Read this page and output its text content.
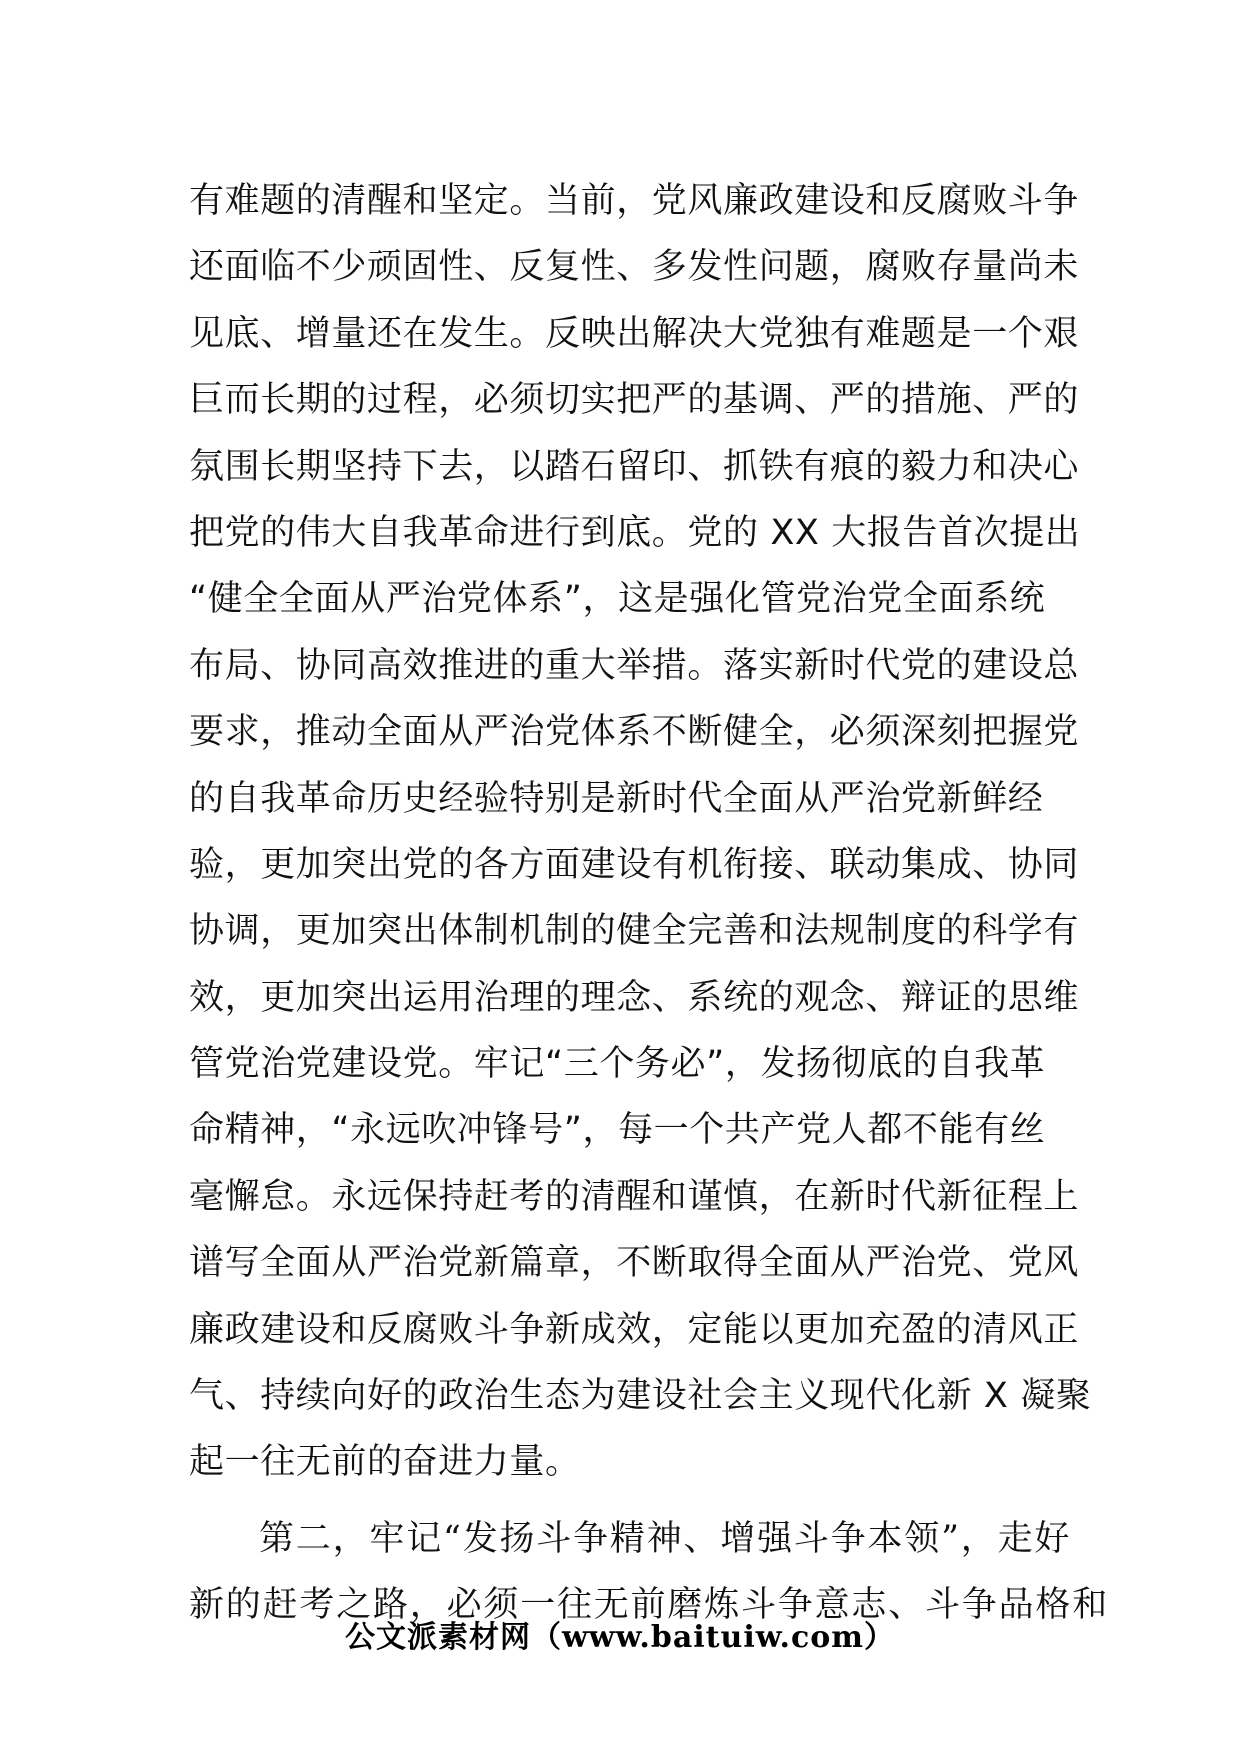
有难题的清醒和坚定。当前，党风廉政建设和反腐败斗争
还面临不少顽固性、反复性、多发性问题，腐败存量尚未
见底、增量还在发生。反映出解决大党独有难题是一个艰
巨而长期的过程，必须切实把严的基调、严的措施、严的
氛围长期坚持下去，以踏石留印、抓铁有痕的毅力和决心
把党的伟大自我革命进行到底。党的 XX 大报告首次提出
“健全全面从严治党体系”，这是强化管党治党全面系统
布局、协同高效推进的重大举措。落实新时代党的建设总
要求，推动全面从严治党体系不断健全，必须深刻把握党
的自我革命历史经验特别是新时代全面从严治党新鲜经
验，更加突出党的各方面建设有机衔接、联动集成、协同
协调，更加突出体制机制的健全完善和法规制度的科学有
效，更加突出运用治理的理念、系统的观念、辩证的思维
管党治党建设党。牢记“三个务必”，发扬彻底的自我革
命精神，“永远吹冲锋号”，每一个共产党人都不能有丝
毫懈怠。永远保持赶考的清醒和谨慎，在新时代新征程上
谱写全面从严治党新篇章，不断取得全面从严治党、党风
廉政建设和反腐败斗争新成效，定能以更加充盈的清风正
气、持续向好的政治生态为建设社会主义现代化新 X 凝聚
起一往无前的奋进力量。
第二，牢记“发扬斗争精神、增强斗争本领”，走好
新的赶考之路，必须一往无前磨炼斗争意志、斗争品格和
公文派素材网（www.baituiw.com）
